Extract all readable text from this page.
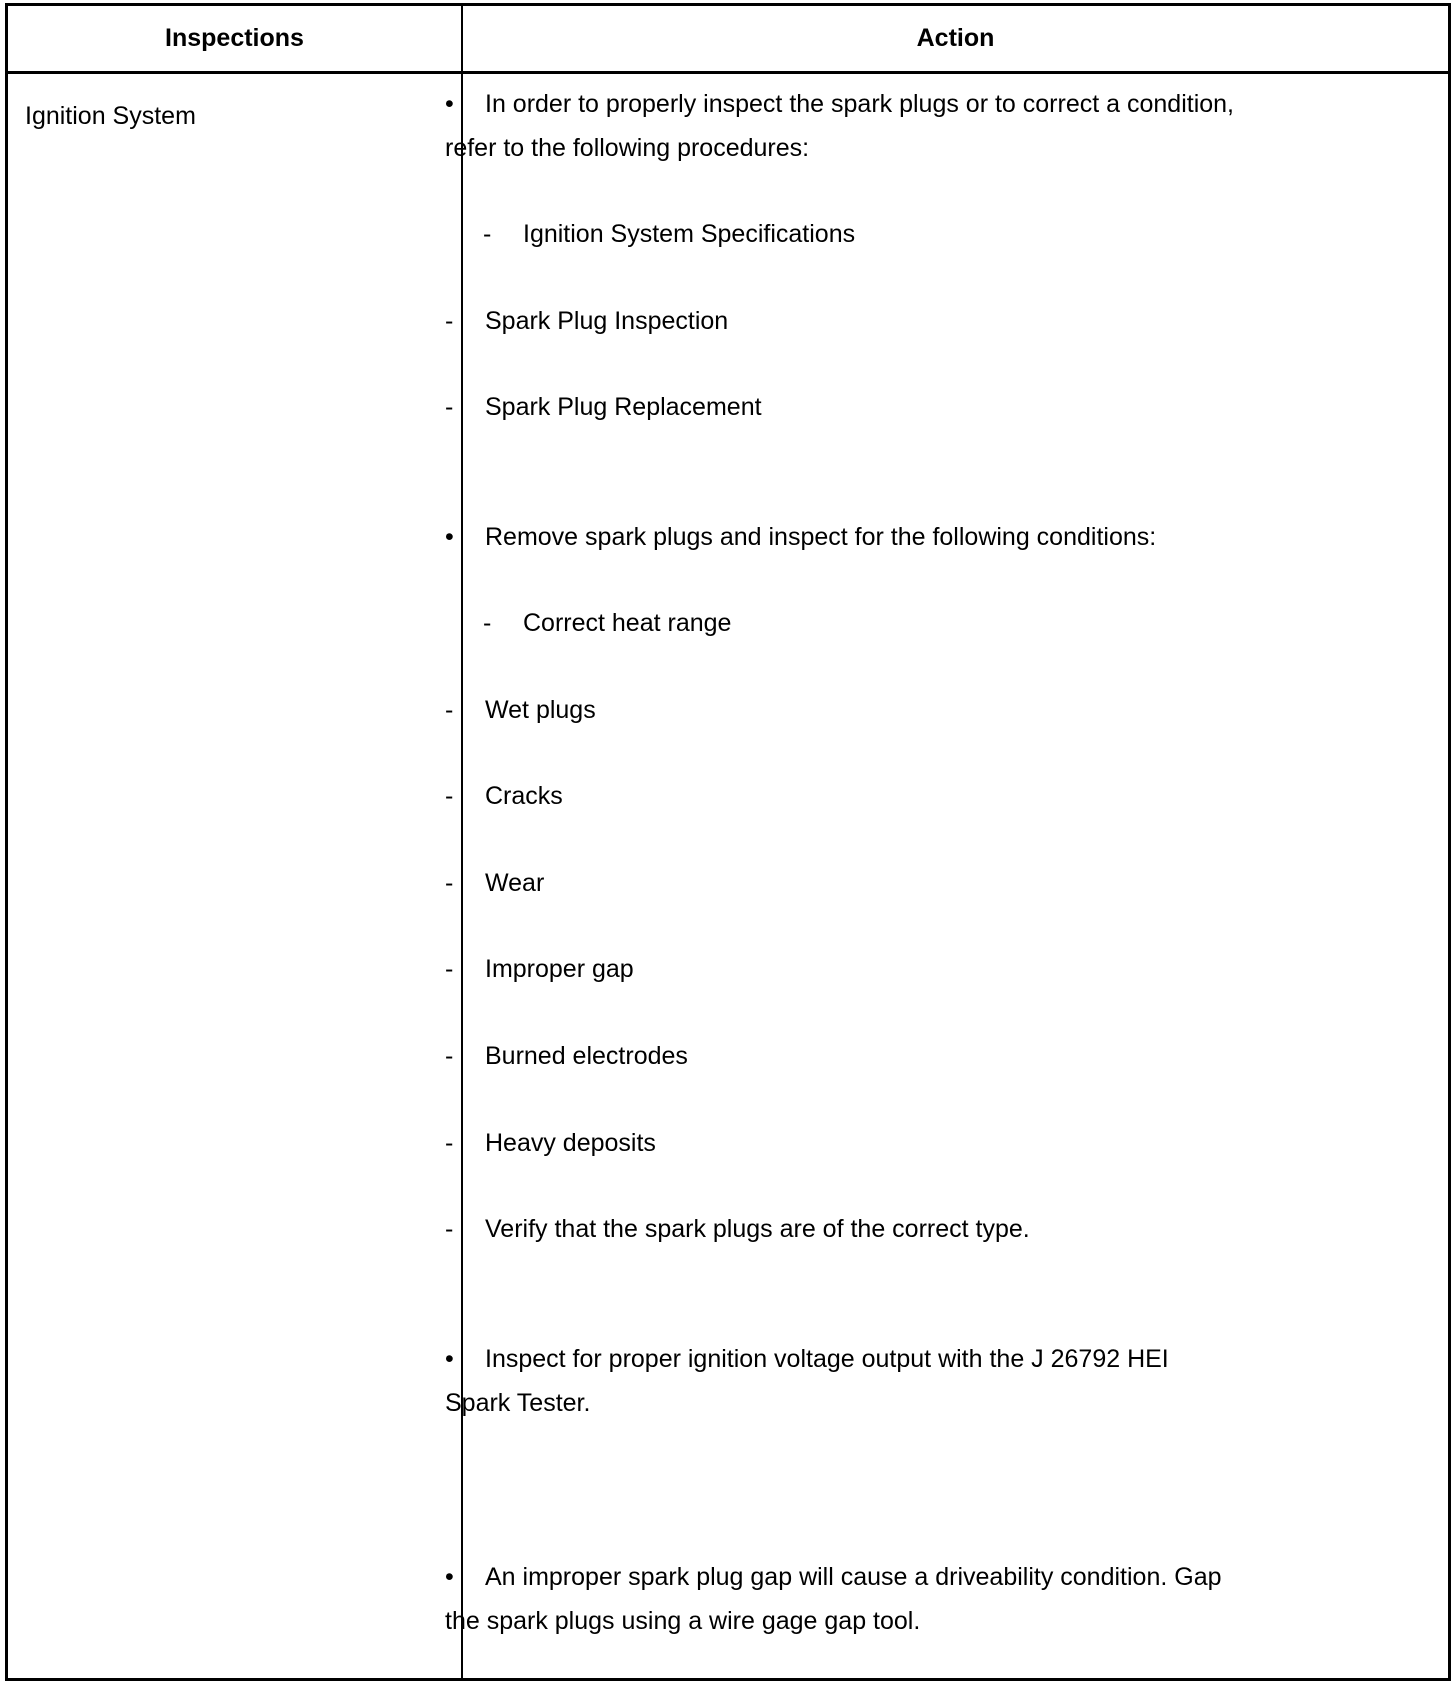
Inspections	Action
Ignition System	• In order to properly inspect the spark plugs or to correct a condition,
refer to the following procedures:
- Ignition System Specifications
- Spark Plug Inspection
- Spark Plug Replacement
• Remove spark plugs and inspect for the following conditions:
- Correct heat range
- Wet plugs
- Cracks
- Wear
- Improper gap
- Burned electrodes
- Heavy deposits
- Verify that the spark plugs are of the correct type.
• Inspect for proper ignition voltage output with the J 26792 HEI
Spark Tester.
• An improper spark plug gap will cause a driveability condition. Gap
the spark plugs using a wire gage gap tool.
